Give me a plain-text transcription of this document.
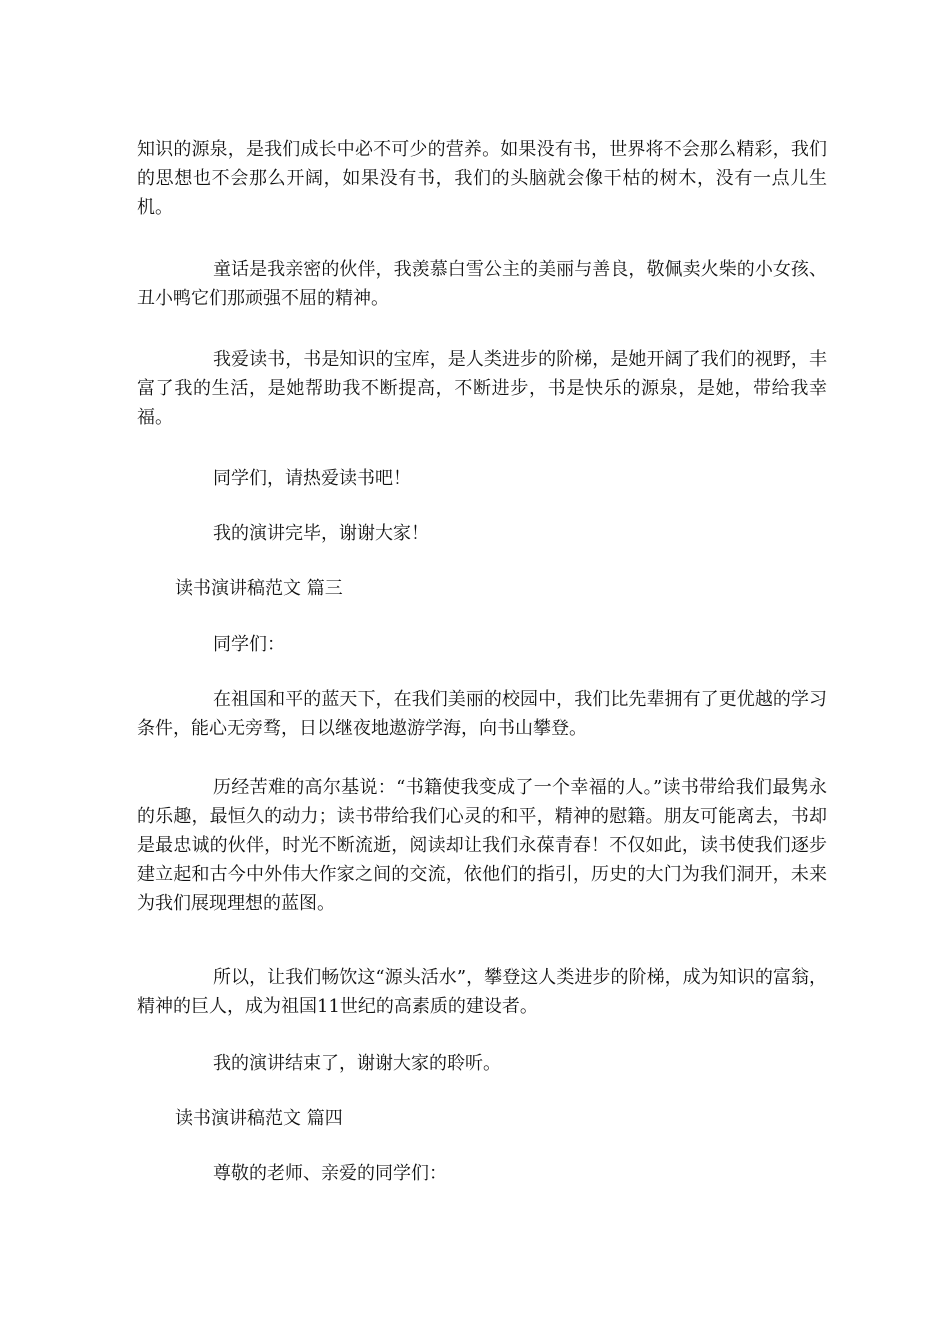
知识的源泉，是我们成长中必不可少的营养。如果没有书，世界将不会那么精彩，我们的思想也不会那么开阔，如果没有书，我们的头脑就会像干枯的树木，没有一点儿生机。

童话是我亲密的伙伴，我羡慕白雪公主的美丽与善良，敬佩卖火柴的小女孩、丑小鸭它们那顽强不屈的精神。

我爱读书，书是知识的宝库，是人类进步的阶梯，是她开阔了我们的视野，丰富了我的生活，是她帮助我不断提高，不断进步，书是快乐的源泉，是她，带给我幸福。

同学们，请热爱读书吧！

我的演讲完毕，谢谢大家！

读书演讲稿范文 篇三

同学们：

在祖国和平的蓝天下，在我们美丽的校园中，我们比先辈拥有了更优越的学习条件，能心无旁骛，日以继夜地遨游学海，向书山攀登。

历经苦难的高尔基说：“书籍使我变成了一个幸福的人。”读书带给我们最隽永的乐趣，最恒久的动力；读书带给我们心灵的和平，精神的慰籍。朋友可能离去，书却是最忠诚的伙伴，时光不断流逝，阅读却让我们永葆青春！不仅如此，读书使我们逐步建立起和古今中外伟大作家之间的交流，依他们的指引，历史的大门为我们洞开，未来为我们展现理想的蓝图。

所以，让我们畅饮这“源头活水”，攀登这人类进步的阶梯，成为知识的富翁，精神的巨人，成为祖国11世纪的高素质的建设者。

我的演讲结束了，谢谢大家的聆听。

读书演讲稿范文 篇四

尊敬的老师、亲爱的同学们：
